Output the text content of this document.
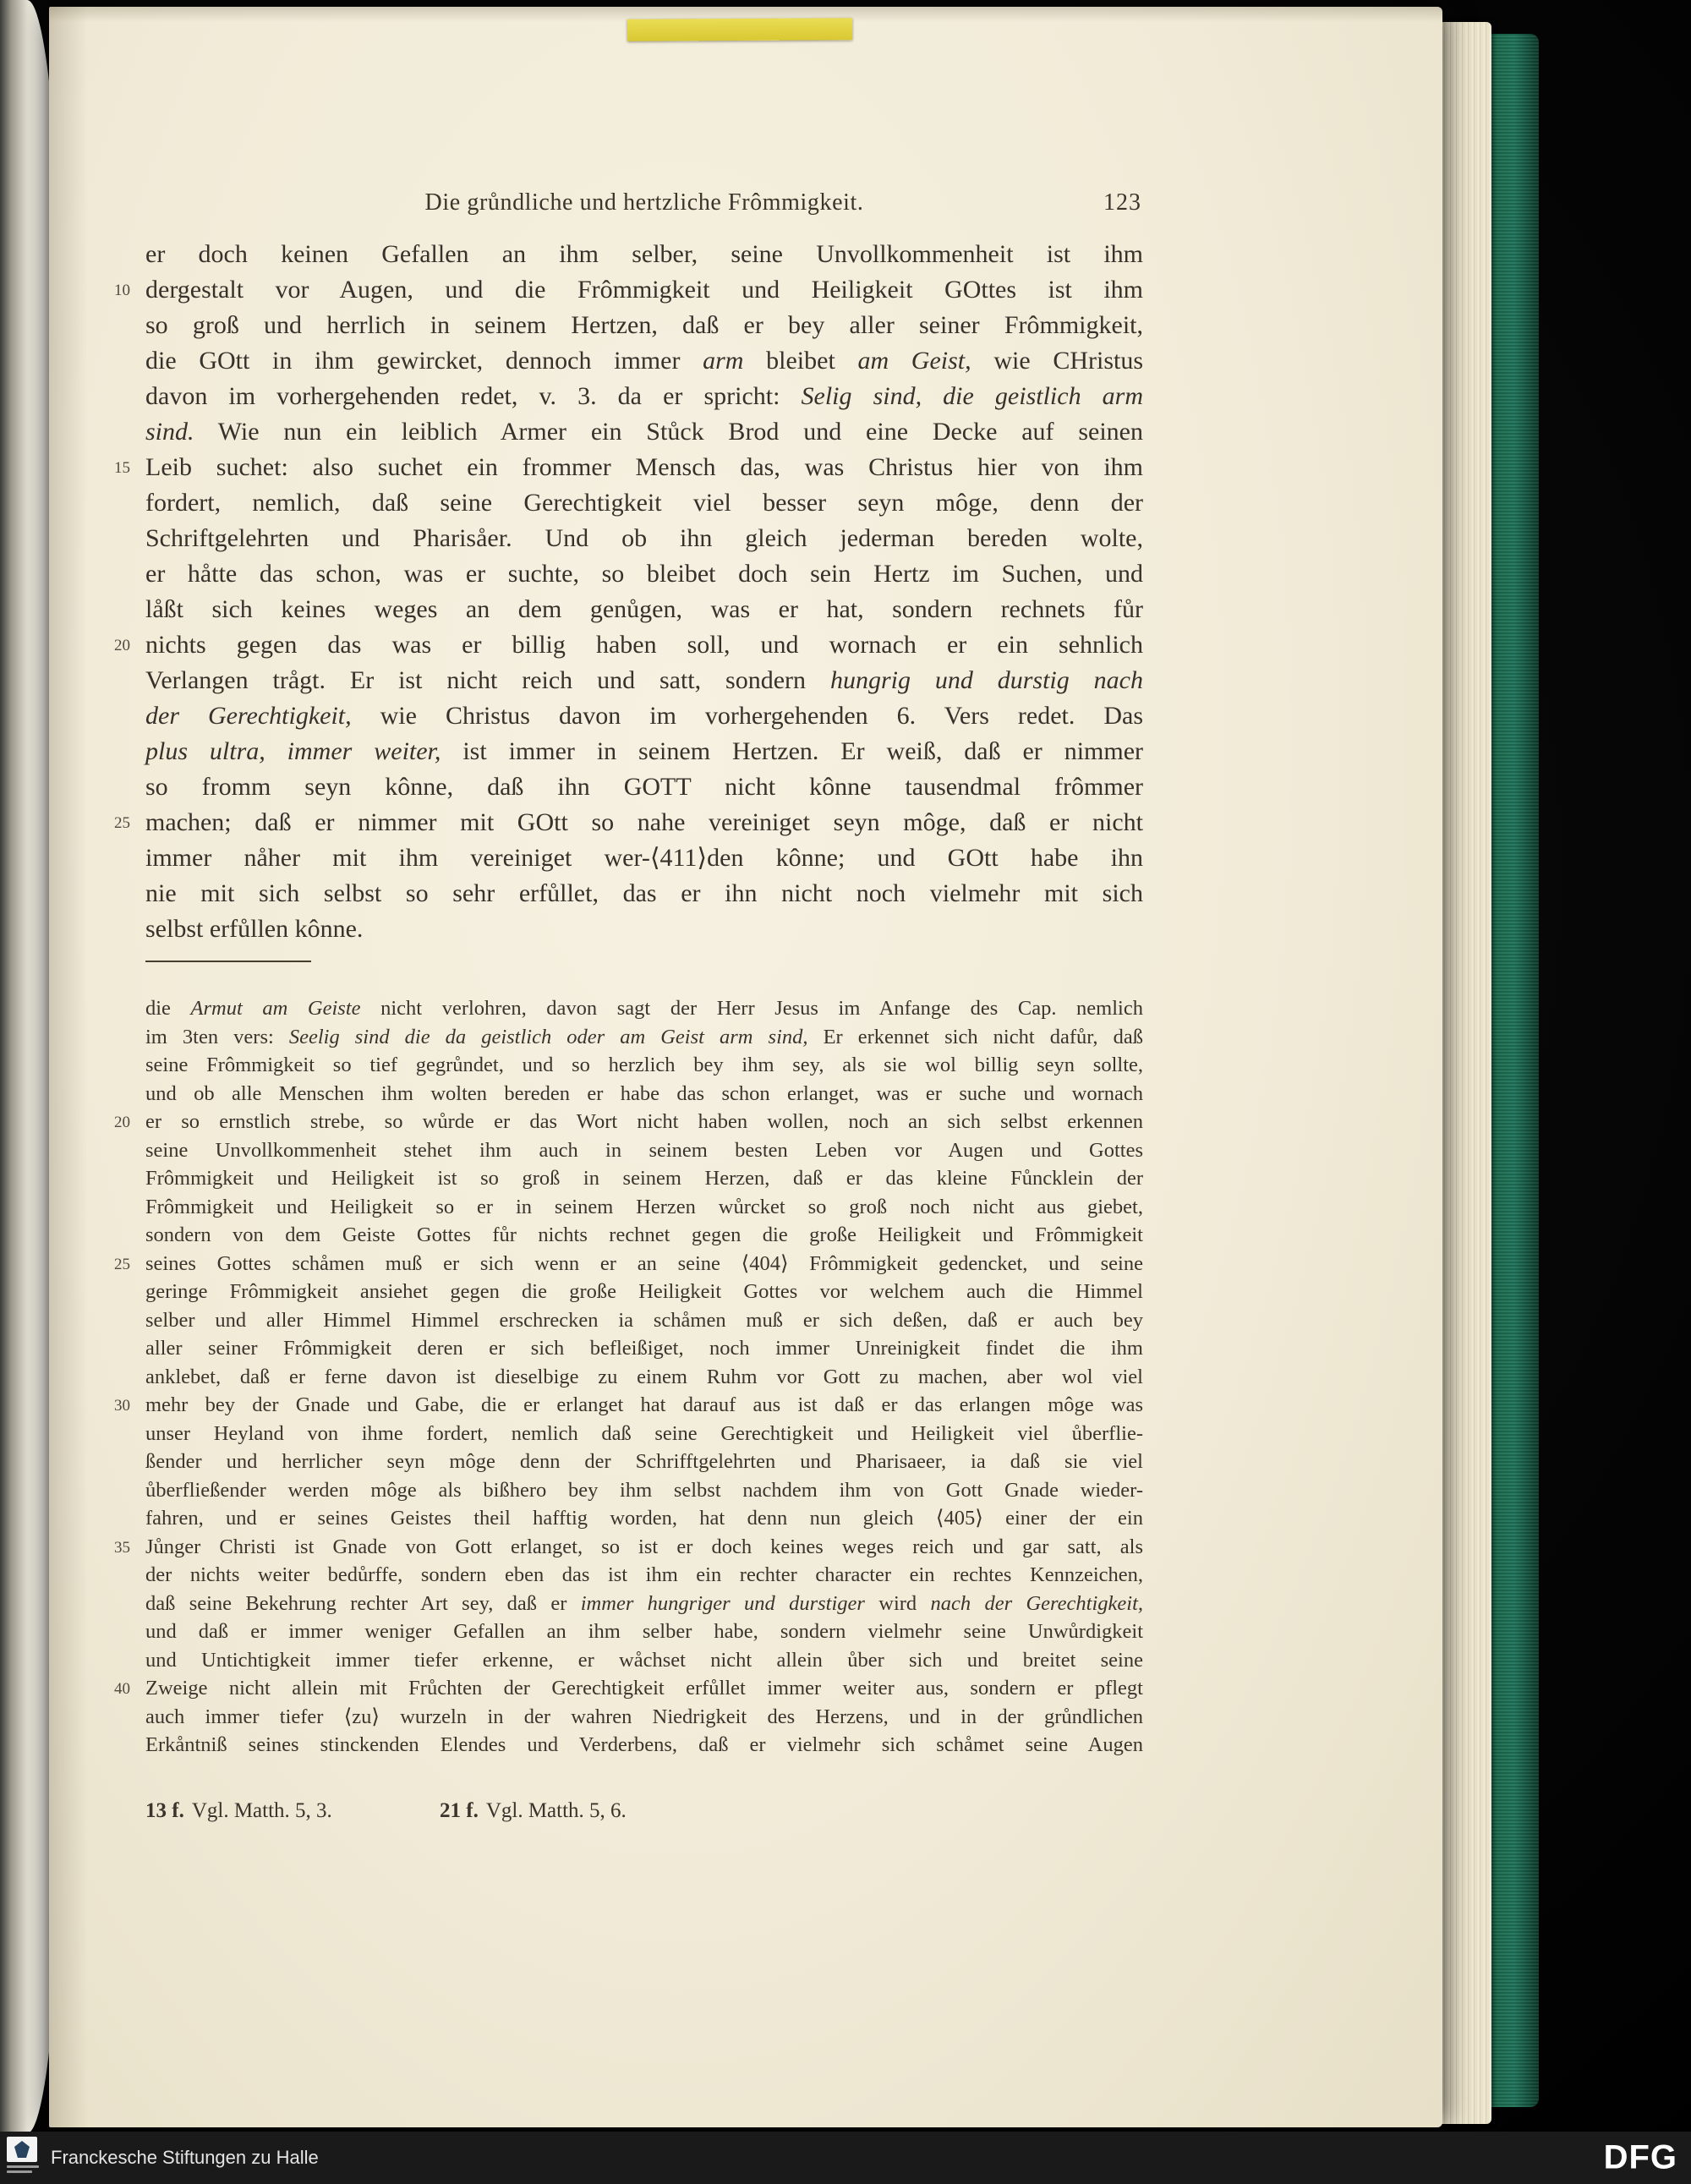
Die grůndliche und hertzliche Frômmigkeit.	123
er doch keinen Gefallen an ihm selber, seine Unvollkommenheit ist ihm
10 dergestalt vor Augen, und die Frômmigkeit und Heiligkeit GOttes ist ihm
so groß und herrlich in seinem Hertzen, daß er bey aller seiner Frômmigkeit,
die GOtt in ihm gewircket, dennoch immer arm bleibet am Geist, wie CHristus
davon im vorhergehenden redet, v. 3. da er spricht: Selig sind, die geistlich arm
sind. Wie nun ein leiblich Armer ein Stůck Brod und eine Decke auf seinen
15 Leib suchet: also suchet ein frommer Mensch das, was Christus hier von ihm
fordert, nemlich, daß seine Gerechtigkeit viel besser seyn môge, denn der
Schriftgelehrten und Pharisåer. Und ob ihn gleich jederman bereden wolte,
er håtte das schon, was er suchte, so bleibet doch sein Hertz im Suchen, und
låßt sich keines weges an dem genůgen, was er hat, sondern rechnets fůr
20 nichts gegen das was er billig haben soll, und wornach er ein sehnlich
Verlangen trågt. Er ist nicht reich und satt, sondern hungrig und durstig nach
der Gerechtigkeit, wie Christus davon im vorhergehenden 6. Vers redet. Das
plus ultra, immer weiter, ist immer in seinem Hertzen. Er weiß, daß er nimmer
so fromm seyn kônne, daß ihn GOTT nicht kônne tausendmal frômmer
25 machen; daß er nimmer mit GOtt so nahe vereiniget seyn môge, daß er nicht
immer nåher mit ihm vereiniget wer-⟨411⟩den kônne; und GOtt habe ihn
nie mit sich selbst so sehr erfůllet, das er ihn nicht noch vielmehr mit sich
selbst erfůllen kônne.
die Armut am Geiste nicht verlohren, davon sagt der Herr Jesus im Anfange des Cap. nemlich
im 3ten vers: Seelig sind die da geistlich oder am Geist arm sind, Er erkennet sich nicht dafůr, daß
seine Frômmigkeit so tief gegrůndet, und so herzlich bey ihm sey, als sie wol billig seyn sollte,
und ob alle Menschen ihm wolten bereden er habe das schon erlanget, was er suche und wornach
20 er so ernstlich strebe, so wůrde er das Wort nicht haben wollen, noch an sich selbst erkennen
seine Unvollkommenheit stehet ihm auch in seinem besten Leben vor Augen und Gottes
Frômmigkeit und Heiligkeit ist so groß in seinem Herzen, daß er das kleine Fůncklein der
Frômmigkeit und Heiligkeit so er in seinem Herzen wůrcket so groß noch nicht aus giebet,
sondern von dem Geiste Gottes fůr nichts rechnet gegen die große Heiligkeit und Frômmigkeit
25 seines Gottes schåmen muß er sich wenn er an seine ⟨404⟩ Frômmigkeit gedencket, und seine
geringe Frômmigkeit ansiehet gegen die große Heiligkeit Gottes vor welchem auch die Himmel
selber und aller Himmel Himmel erschrecken ia schåmen muß er sich deßen, daß er auch bey
aller seiner Frômmigkeit deren er sich befleißiget, noch immer Unreinigkeit findet die ihm
anklebet, daß er ferne davon ist dieselbige zu einem Ruhm vor Gott zu machen, aber wol viel
30 mehr bey der Gnade und Gabe, die er erlanget hat darauf aus ist daß er das erlangen môge was
unser Heyland von ihme fordert, nemlich daß seine Gerechtigkeit und Heiligkeit viel ůberflie-
ßender und herrlicher seyn môge denn der Schrifftgelehrten und Pharisaeer, ia daß sie viel
ůberfließender werden môge als bißhero bey ihm selbst nachdem ihm von Gott Gnade wieder-
fahren, und er seines Geistes theil hafftig worden, hat denn nun gleich ⟨405⟩ einer der ein
35 Jůnger Christi ist Gnade von Gott erlanget, so ist er doch keines weges reich und gar satt, als
der nichts weiter bedůrffe, sondern eben das ist ihm ein rechter character ein rechtes Kennzeichen,
daß seine Bekehrung rechter Art sey, daß er immer hungriger und durstiger wird nach der Gerechtigkeit,
und daß er immer weniger Gefallen an ihm selber habe, sondern vielmehr seine Unwůrdigkeit
und Untichtigkeit immer tiefer erkenne, er wåchset nicht allein ůber sich und breitet seine
40 Zweige nicht allein mit Frůchten der Gerechtigkeit erfůllet immer weiter aus, sondern er pflegt
auch immer tiefer ⟨zu⟩ wurzeln in der wahren Niedrigkeit des Herzens, und in der grůndlichen
Erkåntniß seines stinckenden Elendes und Verderbens, daß er vielmehr sich schåmet seine Augen
13 f. Vgl. Matth. 5, 3.	21 f. Vgl. Matth. 5, 6.
Franckesche Stiftungen zu Halle	DFG
